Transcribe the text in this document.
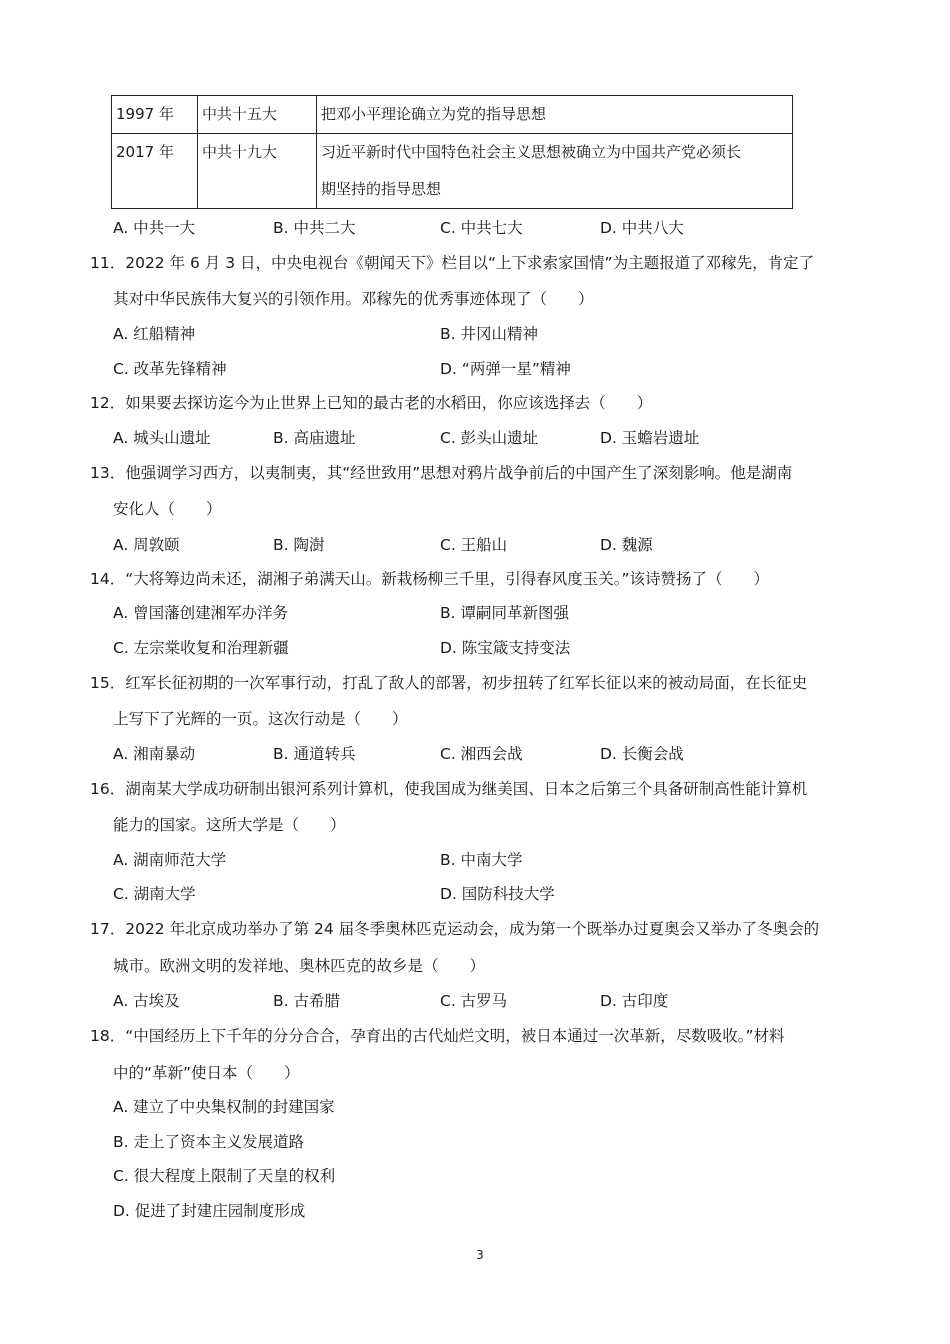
1997 年	中共十五大	把邓小平理论确立为党的指导思想
2017 年	中共十九大	习近平新时代中国特色社会主义思想被确立为中国共产党必须长
期坚持的指导思想
A. 中共一大	B. 中共二大	C. 中共七大	D. 中共八大
11．2022 年 6 月 3 日，中央电视台《朝闻天下》栏目以“上下求索家国情”为主题报道了邓稼先，肯定了
其对中华民族伟大复兴的引领作用。邓稼先的优秀事迹体现了（　　）
A. 红船精神	B. 井冈山精神
C. 改革先锋精神	D. “两弹一星”精神
12．如果要去探访迄今为止世界上已知的最古老的水稻田，你应该选择去（　　）
A. 城头山遗址	B. 高庙遗址	C. 彭头山遗址	D. 玉蟾岩遗址
13．他强调学习西方，以夷制夷，其“经世致用”思想对鸦片战争前后的中国产生了深刻影响。他是湖南
安化人（　　）
A. 周敦颐	B. 陶澍	C. 王船山	D. 魏源
14．“大将筹边尚未还，湖湘子弟满天山。新栽杨柳三千里，引得春风度玉关。”该诗赞扬了（　　）
A. 曾国藩创建湘军办洋务	B. 谭嗣同革新图强
C. 左宗棠收复和治理新疆	D. 陈宝箴支持变法
15．红军长征初期的一次军事行动，打乱了敌人的部署，初步扭转了红军长征以来的被动局面，在长征史
上写下了光辉的一页。这次行动是（　　）
A. 湘南暴动	B. 通道转兵	C. 湘西会战	D. 长衡会战
16．湖南某大学成功研制出银河系列计算机，使我国成为继美国、日本之后第三个具备研制高性能计算机
能力的国家。这所大学是（　　）
A. 湖南师范大学	B. 中南大学
C. 湖南大学	D. 国防科技大学
17．2022 年北京成功举办了第 24 届冬季奥林匹克运动会，成为第一个既举办过夏奥会又举办了冬奥会的
城市。欧洲文明的发祥地、奥林匹克的故乡是（　　）
A. 古埃及	B. 古希腊	C. 古罗马	D. 古印度
18．“中国经历上下千年的分分合合，孕育出的古代灿烂文明，被日本通过一次革新，尽数吸收。”材料
中的“革新”使日本（　　）
A. 建立了中央集权制的封建国家
B. 走上了资本主义发展道路
C. 很大程度上限制了天皇的权利
D. 促进了封建庄园制度形成
3
